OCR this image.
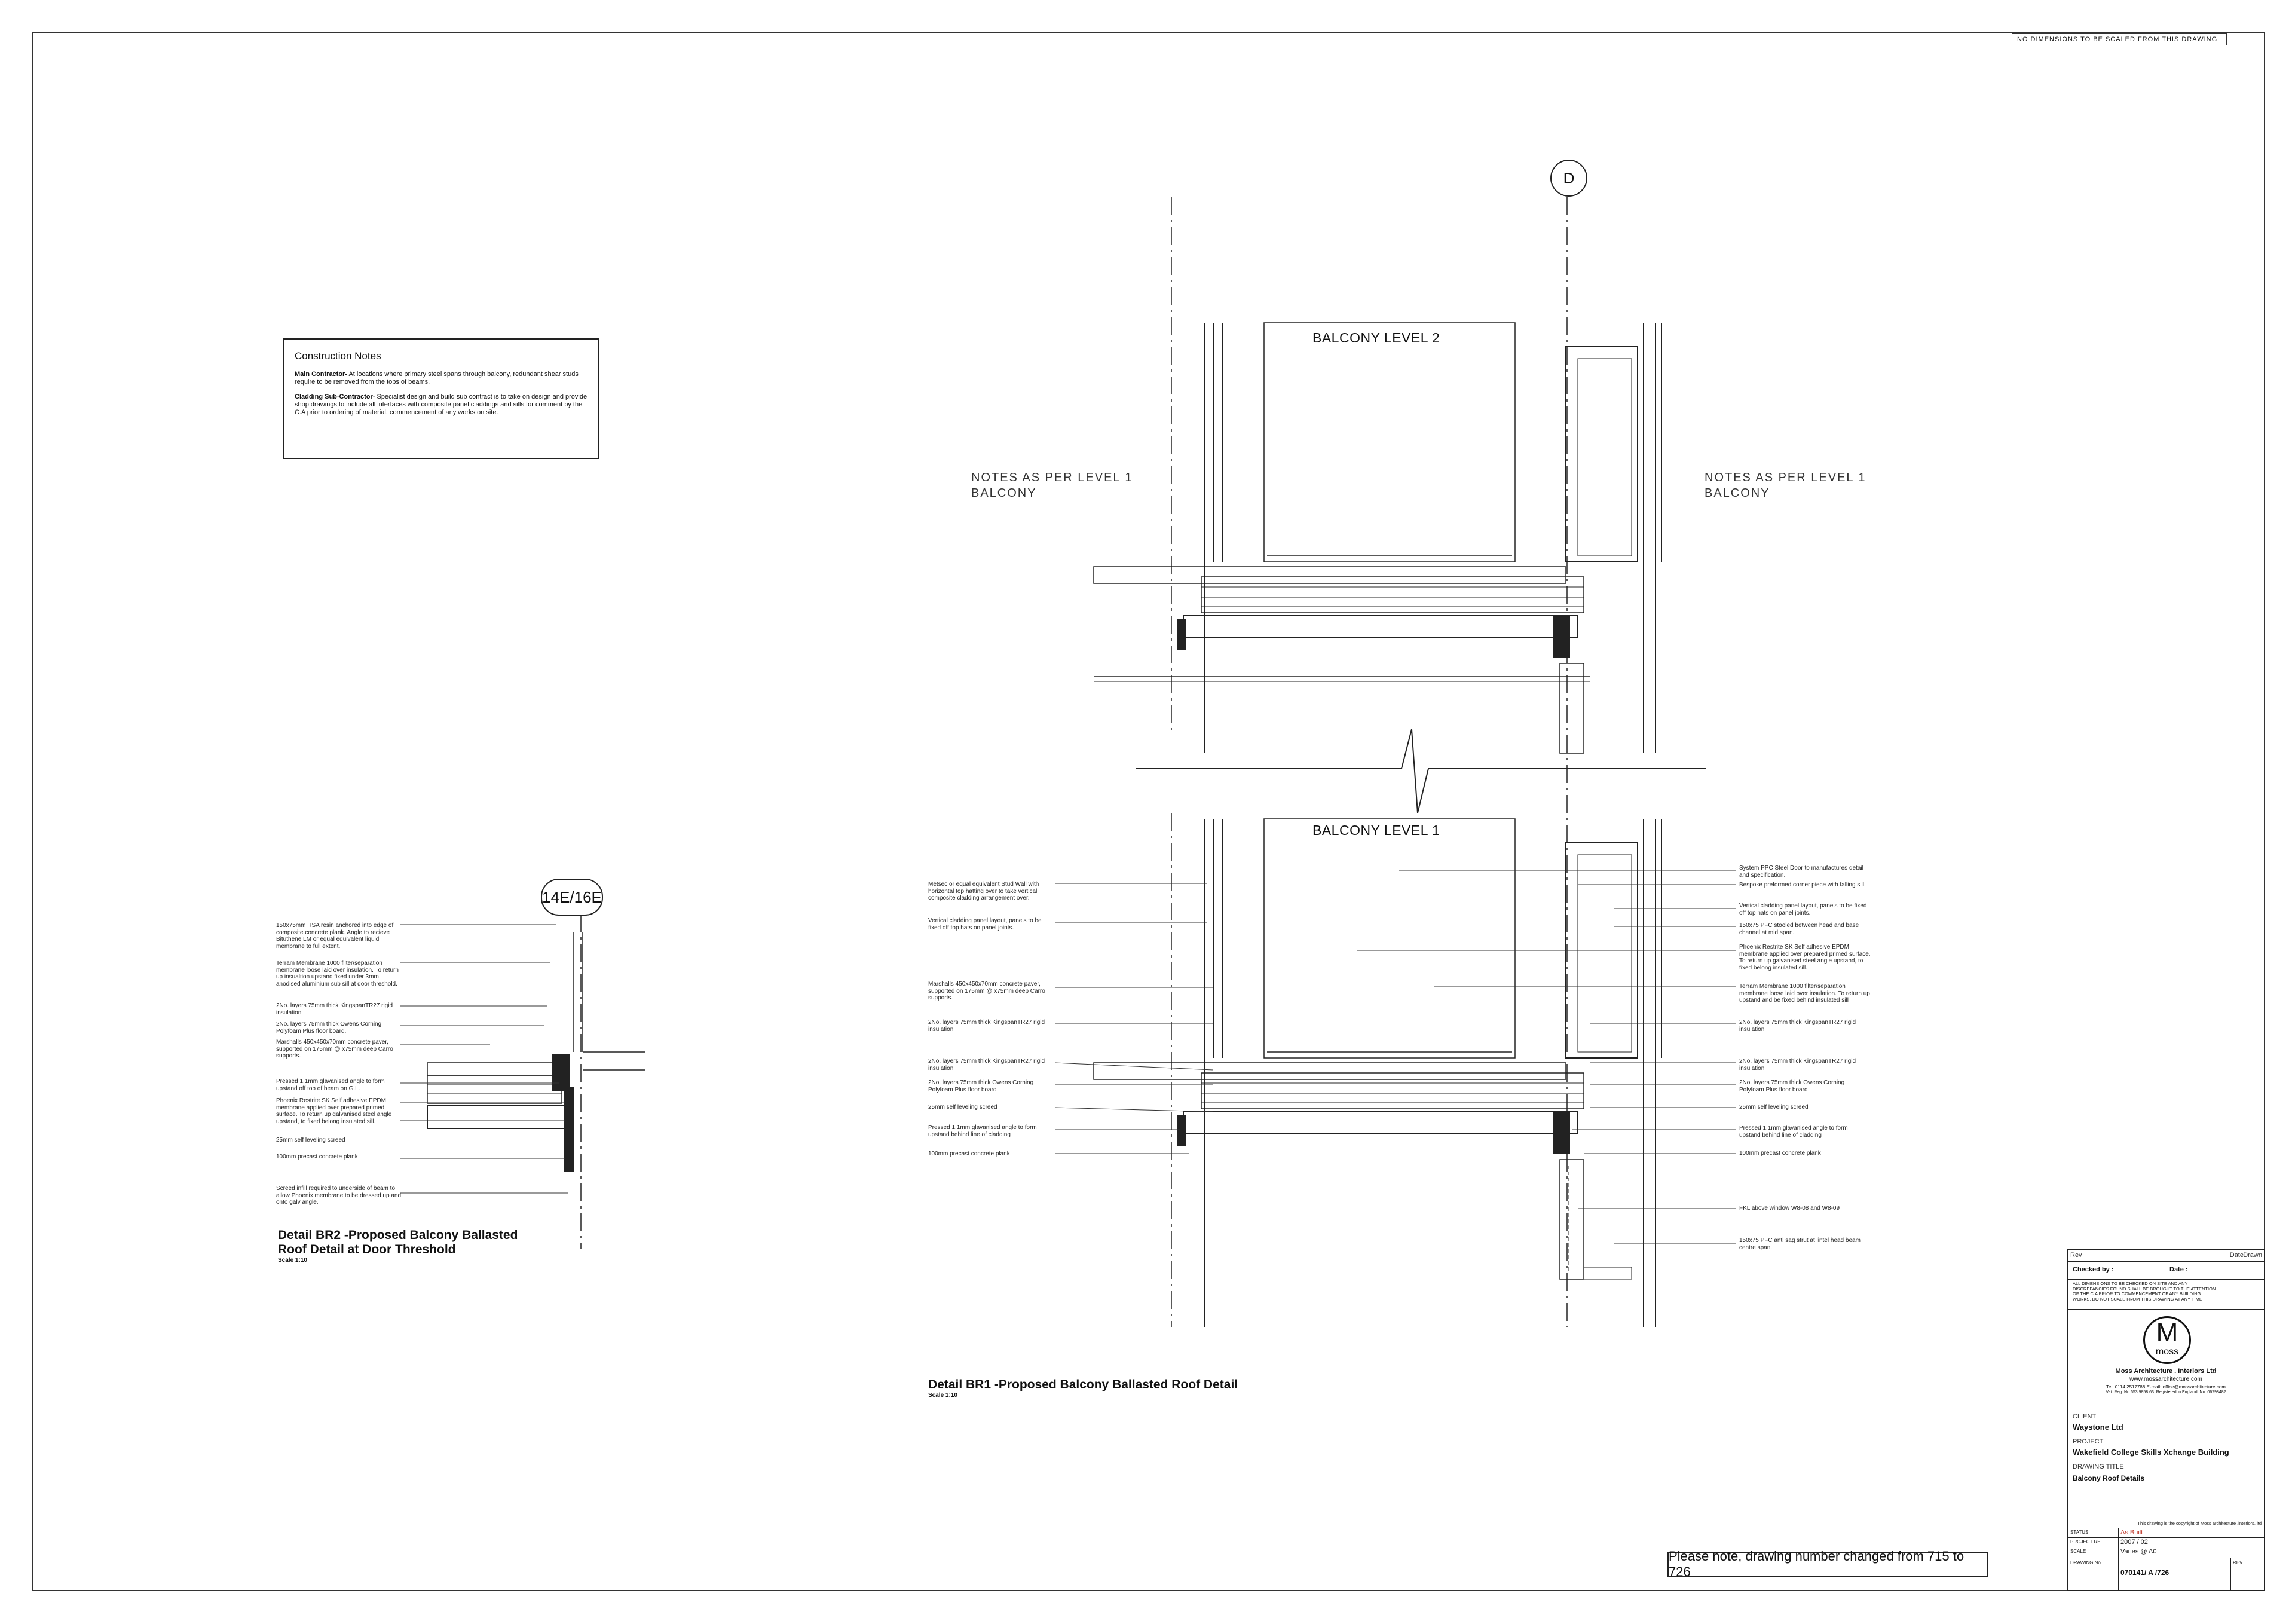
NO DIMENSIONS TO BE SCALED FROM THIS DRAWING
Construction Notes
Main Contractor- At locations where primary steel spans through balcony, redundant shear studs require to be removed from the tops of beams.
Cladding Sub-Contractor- Specialist design and build sub contract is to take on design and provide shop drawings to include all interfaces with composite panel claddings and sills for comment by the C.A prior to ordering of material, commencement of any works on site.
D
14E/16E
BALCONY LEVEL 2
BALCONY LEVEL 1
NOTES AS PER LEVEL 1
BALCONY
NOTES AS PER LEVEL 1
BALCONY
Metsec or equal equivalent Stud Wall with horizontal top hatting over to take vertical composite cladding arrangement over.
Vertical cladding panel layout, panels to be fixed off top hats on panel joints.
Marshalls 450x450x70mm concrete paver, supported on 175mm @ x75mm deep Carro supports.
2No. layers 75mm thick KingspanTR27 rigid insulation
2No. layers 75mm thick KingspanTR27 rigid insulation
2No. layers 75mm thick Owens Corning Polyfoam Plus floor board
25mm self leveling screed
Pressed 1.1mm glavanised angle to form upstand behind line of cladding
100mm precast concrete plank
System PPC Steel Door to manufactures detail and specification.
Bespoke preformed corner piece with falling sill.
Vertical cladding panel layout, panels to be fixed off top hats on panel joints.
150x75 PFC stooled between head and base channel at mid span.
Phoenix Restrite SK Self adhesive EPDM membrane applied over prepared primed surface. To return up galvanised steel angle upstand, to fixed belong insulated sill.
Terram Membrane 1000 filter/separation membrane loose laid over insulation. To return up upstand and be fixed behind insulated sill
2No. layers 75mm thick KingspanTR27 rigid insulation
2No. layers 75mm thick KingspanTR27 rigid insulation
2No. layers 75mm thick Owens Corning Polyfoam Plus floor board
25mm self leveling screed
Pressed 1.1mm glavanised angle to form upstand behind line of cladding
100mm precast concrete plank
FKL above window W8-08 and W8-09
150x75 PFC anti sag strut at lintel head beam centre span.
150x75mm RSA resin anchored into edge of composite concrete plank. Angle to recieve Bituthene LM or equal equivalent liquid membrane to full extent.
Terram Membrane 1000 filter/separation membrane loose laid over insulation. To return up insualtion upstand fixed under 3mm anodised aluminium sub sill at door threshold.
2No. layers 75mm thick KingspanTR27 rigid insulation
2No. layers 75mm thick Owens Corning Polyfoam Plus floor board.
Marshalls 450x450x70mm concrete paver, supported on 175mm @ x75mm deep Carro supports.
Pressed 1.1mm glavanised angle to form upstand off top of beam on G.L.
Phoenix Restrite SK Self adhesive EPDM membrane applied over prepared primed surface. To return up galvanised steel angle upstand, to fixed belong insulated sill.
25mm self leveling screed
100mm precast concrete plank
Screed infill required to underside of beam to allow Phoenix membrane to be dressed up and onto galv angle.
Detail BR2 -Proposed Balcony Ballasted
Roof Detail at Door Threshold
Scale 1:10
Detail BR1 -Proposed Balcony Ballasted Roof Detail
Scale 1:10
Please note, drawing number changed from 715 to 726
Rev	Date Drawn
Checked by :	Date :
ALL DIMENSIONS TO BE CHECKED ON SITE AND ANY DISCREPANCIES FOUND SHALL BE BROUGHT TO THE ATTENTION OF THE C.A PRIOR TO COMMENCEMENT OF ANY BUILDING WORKS. DO NOT SCALE FROM THIS DRAWING AT ANY TIME
M
moss
Moss Architecture . Interiors Ltd
www.mossarchitecture.com
Tel: 0114 2517788 E-mail: office@mossarchitecture.com
Vat. Reg. No 653 9858 63. Registered in England. No. 06798482
CLIENT
Waystone Ltd
PROJECT
Wakefield College Skills Xchange Building
DRAWING TITLE
Balcony Roof Details
This drawing is the copyright of Moss architecture .interiors. ltd
STATUS	As Built
PROJECT REF. 2007 / 02
SCALE	Varies @ A0
DRAWING No.
070141/ A /726
REV
